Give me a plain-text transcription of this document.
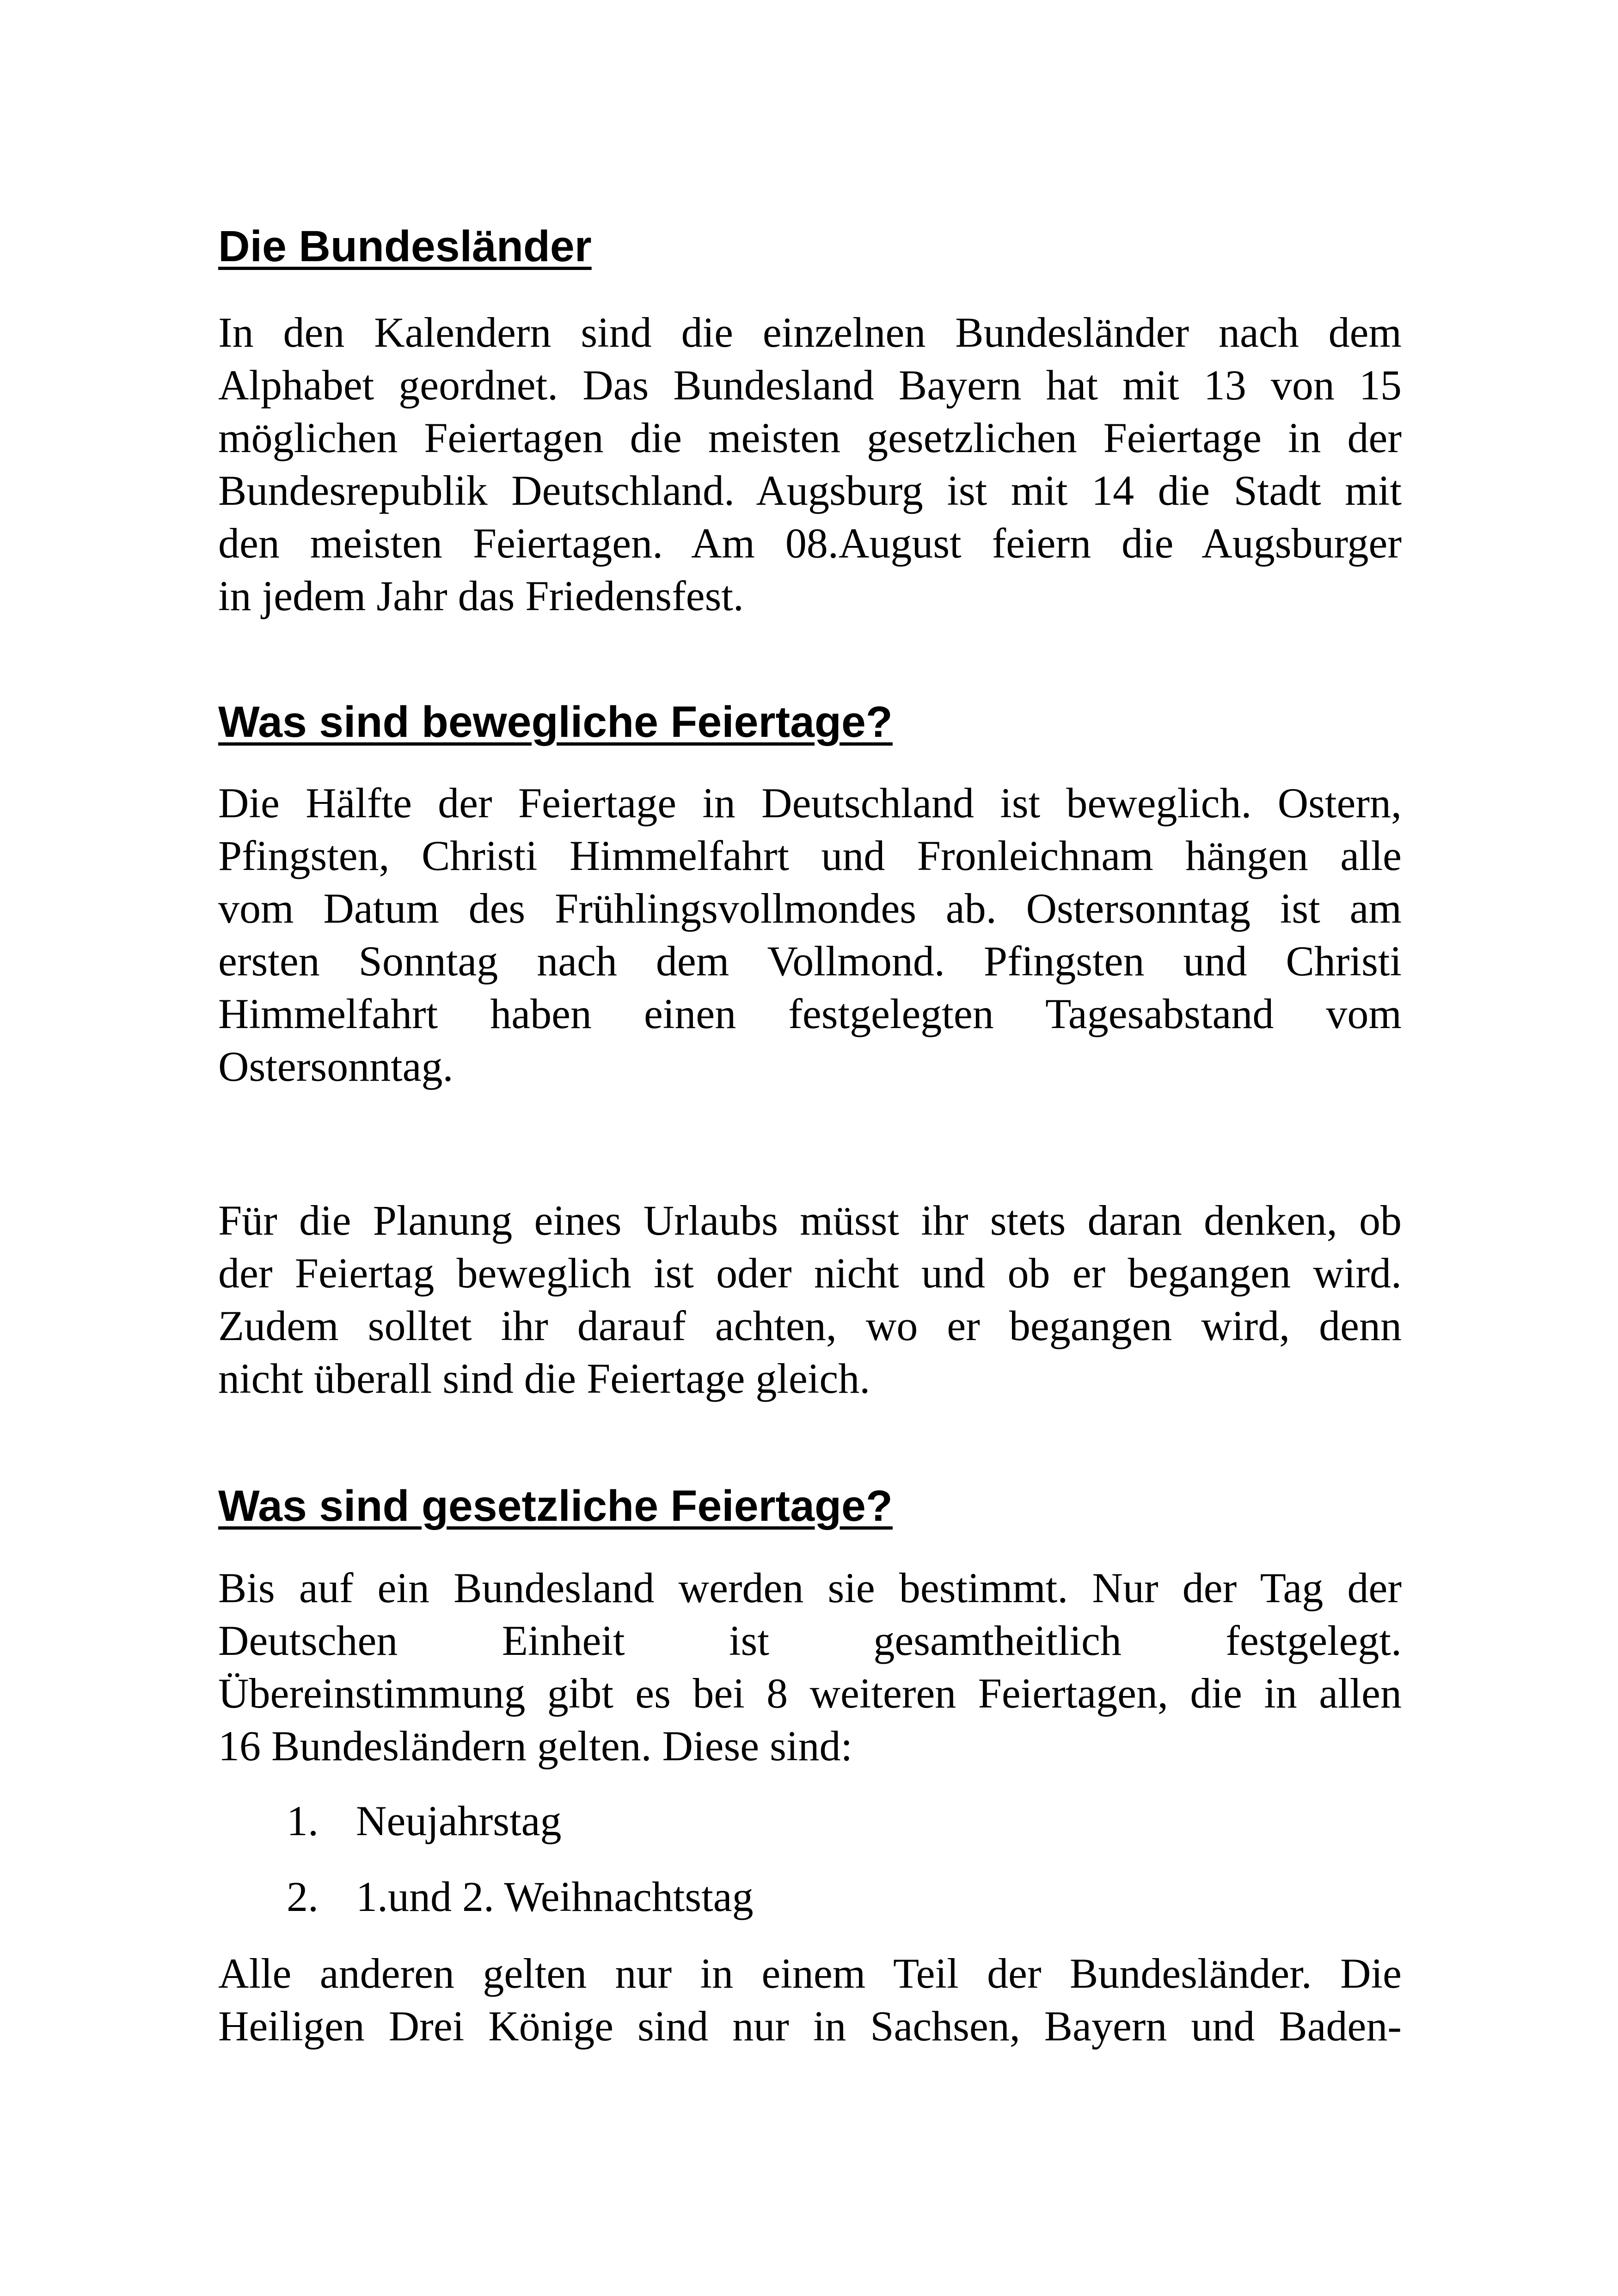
Die Bundesländer

In den Kalendern sind die einzelnen Bundesländer nach dem
Alphabet geordnet. Das Bundesland Bayern hat mit 13 von 15
möglichen Feiertagen die meisten gesetzlichen Feiertage in der
Bundesrepublik Deutschland. Augsburg ist mit 14 die Stadt mit
den meisten Feiertagen. Am 08.August feiern die Augsburger
in jedem Jahr das Friedensfest.

Was sind bewegliche Feiertage?

Die Hälfte der Feiertage in Deutschland ist beweglich. Ostern,
Pfingsten, Christi Himmelfahrt und Fronleichnam hängen alle
vom Datum des Frühlingsvollmondes ab. Ostersonntag ist am
ersten Sonntag nach dem Vollmond. Pfingsten und Christi
Himmelfahrt haben einen festgelegten Tagesabstand vom
Ostersonntag.

Für die Planung eines Urlaubs müsst ihr stets daran denken, ob
der Feiertag beweglich ist oder nicht und ob er begangen wird.
Zudem solltet ihr darauf achten, wo er begangen wird, denn
nicht überall sind die Feiertage gleich.

Was sind gesetzliche Feiertage?

Bis auf ein Bundesland werden sie bestimmt. Nur der Tag der
Deutschen Einheit ist gesamtheitlich festgelegt.
Übereinstimmung gibt es bei 8 weiteren Feiertagen, die in allen
16 Bundesländern gelten. Diese sind:

1. Neujahrstag
2. 1.und 2. Weihnachtstag

Alle anderen gelten nur in einem Teil der Bundesländer. Die
Heiligen Drei Könige sind nur in Sachsen, Bayern und Baden-
